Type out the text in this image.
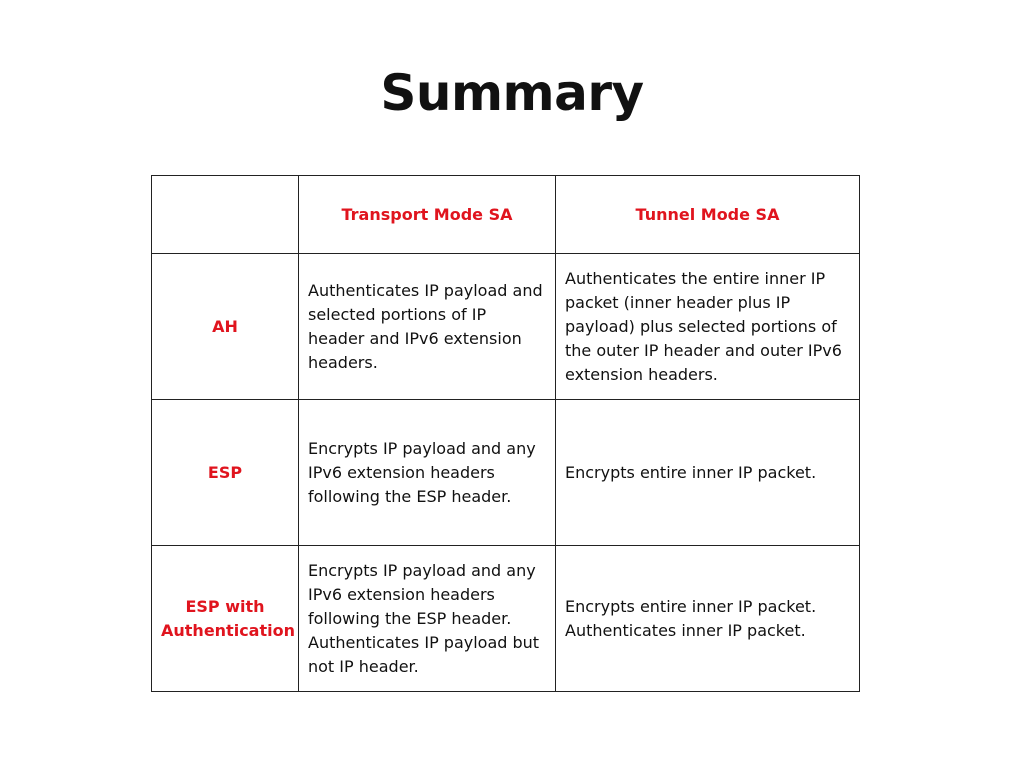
Summary
	Transport Mode SA	Tunnel Mode SA
AH	Authenticates IP payload and selected portions of IP header and IPv6 extension headers.	Authenticates the entire inner IP packet (inner header plus IP payload) plus selected portions of the outer IP header and outer IPv6 extension headers.
ESP	Encrypts IP payload and any IPv6 extension headers following the ESP header.	Encrypts entire inner IP packet.
ESP with Authentication	Encrypts IP payload and any IPv6 extension headers following the ESP header. Authenticates IP payload but not IP header.	Encrypts entire inner IP packet. Authenticates inner IP packet.
